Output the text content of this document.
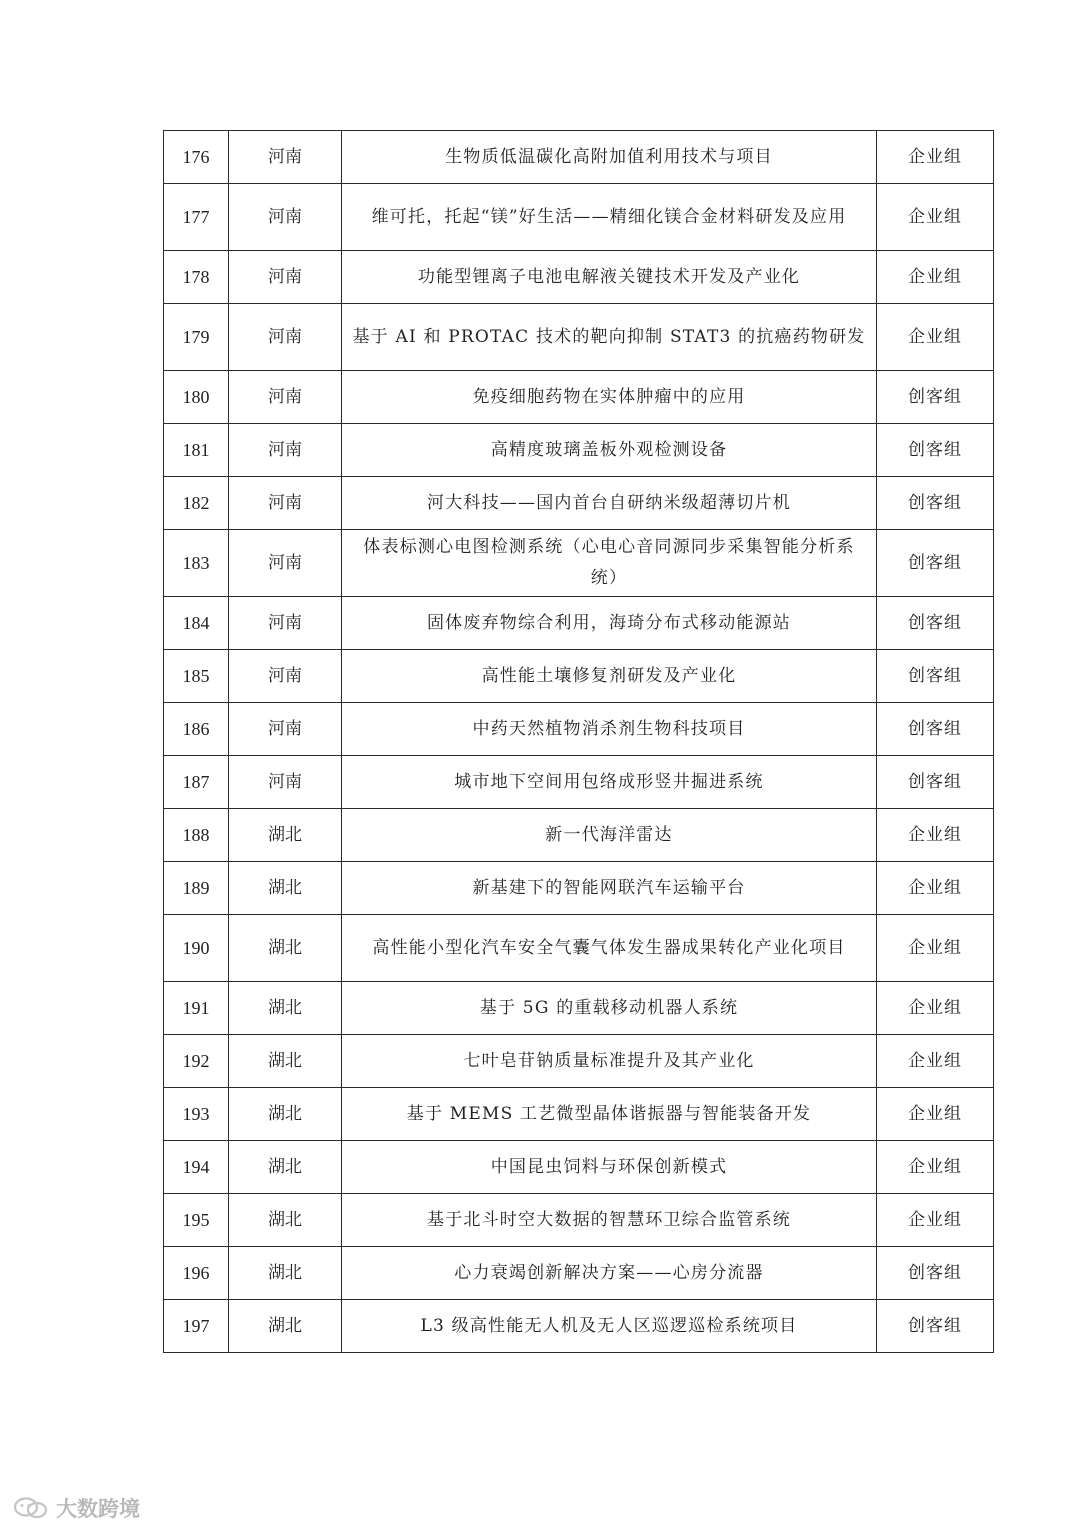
176	河南	生物质低温碳化高附加值利用技术与项目	企业组
177	河南	维可托，托起“镁”好生活——精细化镁合金材料研发及应用	企业组
178	河南	功能型锂离子电池电解液关键技术开发及产业化	企业组
179	河南	基于 AI 和 PROTAC 技术的靶向抑制 STAT3 的抗癌药物研发	企业组
180	河南	免疫细胞药物在实体肿瘤中的应用	创客组
181	河南	高精度玻璃盖板外观检测设备	创客组
182	河南	河大科技——国内首台自研纳米级超薄切片机	创客组
183	河南	体表标测心电图检测系统（心电心音同源同步采集智能分析系统）	创客组
184	河南	固体废弃物综合利用，海琦分布式移动能源站	创客组
185	河南	高性能土壤修复剂研发及产业化	创客组
186	河南	中药天然植物消杀剂生物科技项目	创客组
187	河南	城市地下空间用包络成形竖井掘进系统	创客组
188	湖北	新一代海洋雷达	企业组
189	湖北	新基建下的智能网联汽车运输平台	企业组
190	湖北	高性能小型化汽车安全气囊气体发生器成果转化产业化项目	企业组
191	湖北	基于 5G 的重载移动机器人系统	企业组
192	湖北	七叶皂苷钠质量标准提升及其产业化	企业组
193	湖北	基于 MEMS 工艺微型晶体谐振器与智能装备开发	企业组
194	湖北	中国昆虫饲料与环保创新模式	企业组
195	湖北	基于北斗时空大数据的智慧环卫综合监管系统	企业组
196	湖北	心力衰竭创新解决方案——心房分流器	创客组
197	湖北	L3 级高性能无人机及无人区巡逻巡检系统项目	创客组
大数跨境
